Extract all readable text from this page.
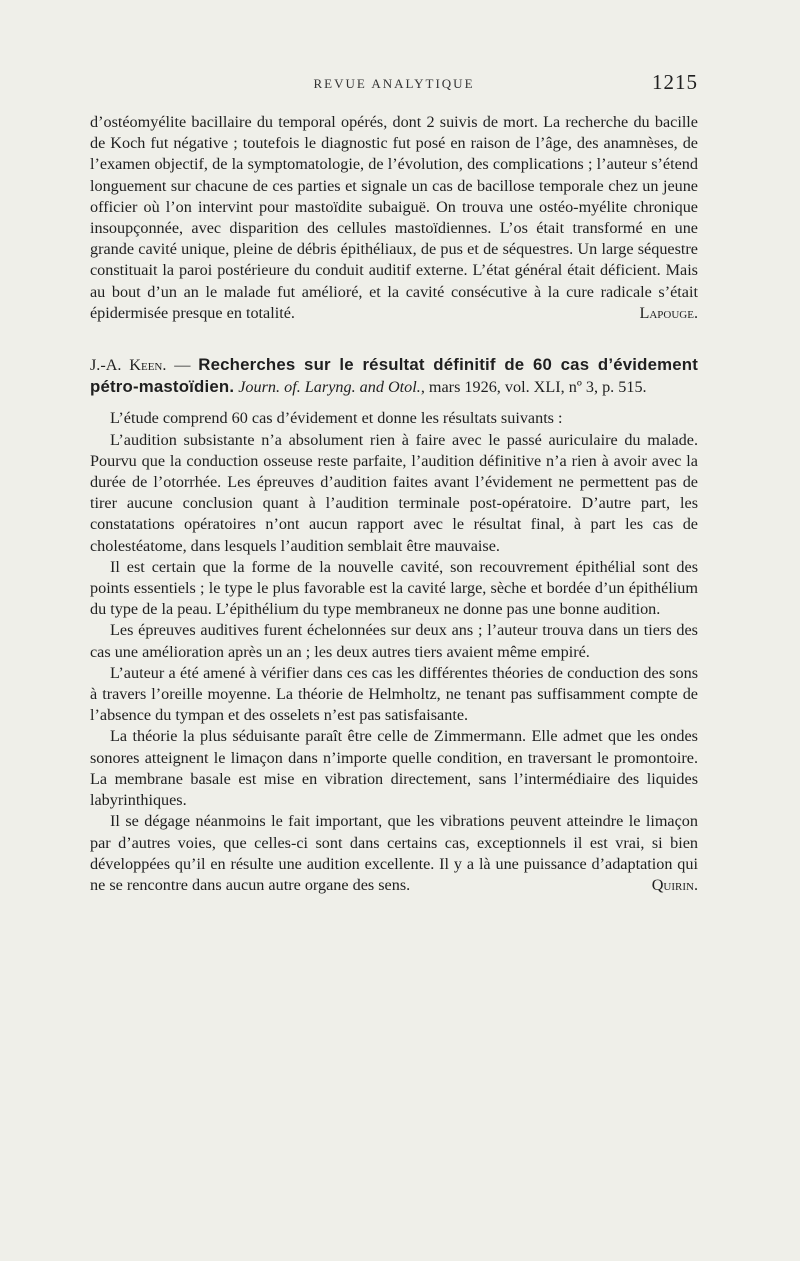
REVUE ANALYTIQUE	1215

d’ostéomyélite bacillaire du temporal opérés, dont 2 suivis de mort. La recherche du bacille de Koch fut négative ; toutefois le diagnostic fut posé en raison de l’âge, des anamnèses, de l’examen objectif, de la symptomatologie, de l’évolution, des complications ; l’auteur s’étend longuement sur chacune de ces parties et signale un cas de bacillose temporale chez un jeune officier où l’on intervint pour mastoïdite subaiguë. On trouva une ostéo-myélite chronique insoupçonnée, avec disparition des cellules mastoïdiennes. L’os était transformé en une grande cavité unique, pleine de débris épithéliaux, de pus et de séquestres. Un large séquestre constituait la paroi postérieure du conduit auditif externe. L’état général était déficient. Mais au bout d’un an le malade fut amélioré, et la cavité consécutive à la cure radicale s’était épidermisée presque en totalité.	Lapouge.

J.-A. Keen. — Recherches sur le résultat définitif de 60 cas d’évidement pétro-mastoïdien. Journ. of. Laryng. and Otol., mars 1926, vol. XLI, nº 3, p. 515.

L’étude comprend 60 cas d’évidement et donne les résultats suivants :

L’audition subsistante n’a absolument rien à faire avec le passé auriculaire du malade. Pourvu que la conduction osseuse reste parfaite, l’audition définitive n’a rien à avoir avec la durée de l’otorrhée. Les épreuves d’audition faites avant l’évidement ne permettent pas de tirer aucune conclusion quant à l’audition terminale post-opératoire. D’autre part, les constatations opératoires n’ont aucun rapport avec le résultat final, à part les cas de cholestéatome, dans lesquels l’audition semblait être mauvaise.

Il est certain que la forme de la nouvelle cavité, son recouvrement épithélial sont des points essentiels ; le type le plus favorable est la cavité large, sèche et bordée d’un épithélium du type de la peau. L’épithélium du type membraneux ne donne pas une bonne audition.

Les épreuves auditives furent échelonnées sur deux ans ; l’auteur trouva dans un tiers des cas une amélioration après un an ; les deux autres tiers avaient même empiré.

L’auteur a été amené à vérifier dans ces cas les différentes théories de conduction des sons à travers l’oreille moyenne. La théorie de Helmholtz, ne tenant pas suffisamment compte de l’absence du tympan et des osselets n’est pas satisfaisante.

La théorie la plus séduisante paraît être celle de Zimmermann. Elle admet que les ondes sonores atteignent le limaçon dans n’importe quelle condition, en traversant le promontoire. La membrane basale est mise en vibration directement, sans l’intermédiaire des liquides labyrinthiques.

Il se dégage néanmoins le fait important, que les vibrations peuvent atteindre le limaçon par d’autres voies, que celles-ci sont dans certains cas, exceptionnels il est vrai, si bien développées qu’il en résulte une audition excellente. Il y a là une puissance d’adaptation qui ne se rencontre dans aucun autre organe des sens.	Quirin.
